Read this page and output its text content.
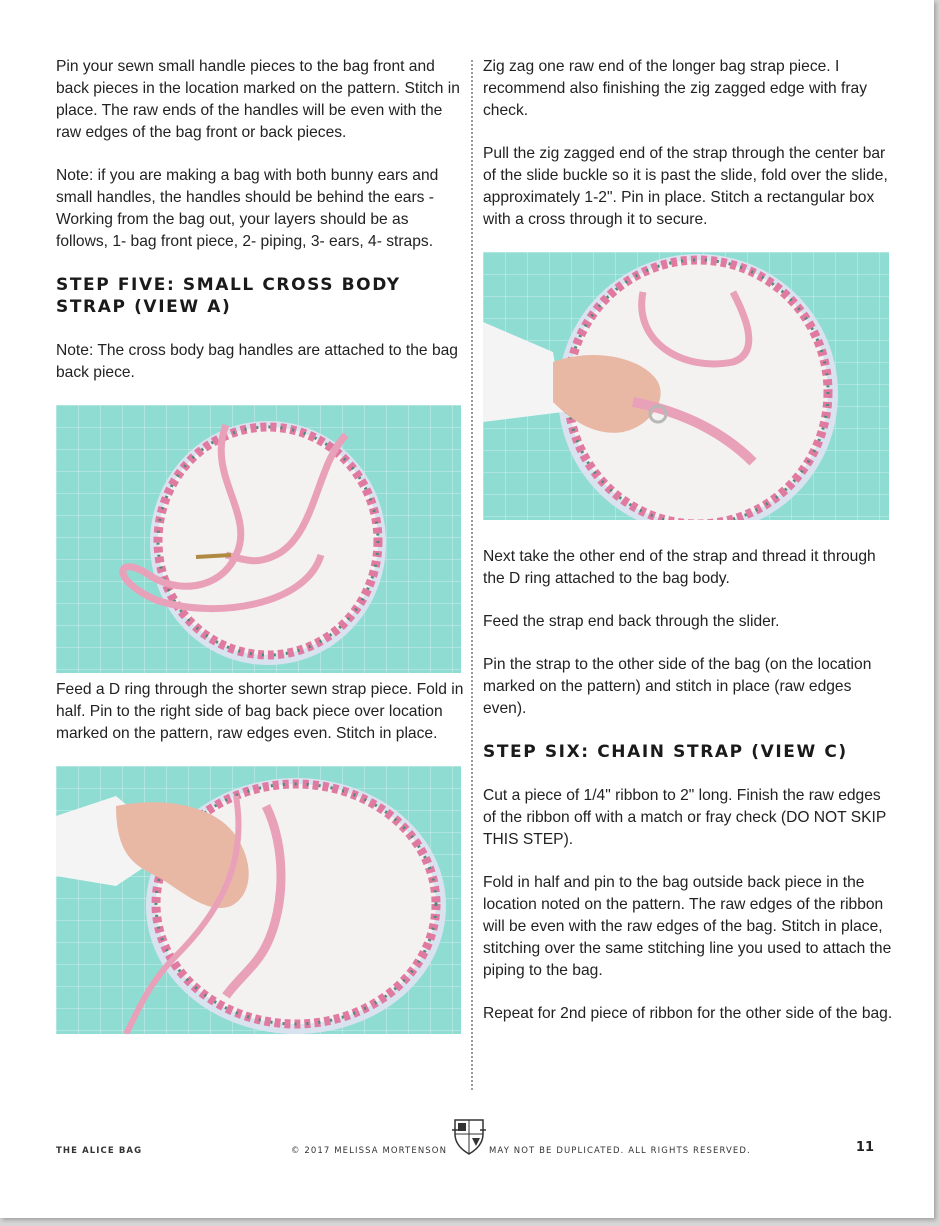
Pin your sewn small handle pieces to the bag front and back pieces in the location marked on the pattern. Stitch in place. The raw ends of the handles will be even with the raw edges of the bag front or back pieces.

Note: if you are making a bag with both bunny ears and small handles, the handles should be behind the ears - Working from the bag out, your layers should be as follows, 1- bag front piece, 2- piping, 3- ears, 4- straps.

STEP FIVE: SMALL CROSS BODY STRAP (VIEW A)

Note: The cross body bag handles are attached to the bag back piece.

Feed a D ring through the shorter sewn strap piece. Fold in half. Pin to the right side of bag back piece over location marked on the pattern, raw edges even. Stitch in place.

Zig zag one raw end of the longer bag strap piece. I recommend also finishing the zig zagged edge with fray check.

Pull the zig zagged end of the strap through the center bar of the slide buckle so it is past the slide, fold over the slide, approximately 1-2". Pin in place. Stitch a rectangular box with a cross through it to secure.

Next take the other end of the strap and thread it through the D ring attached to the bag body.

Feed the strap end back through the slider.

Pin the strap to the other side of the bag (on the location marked on the pattern) and stitch in place (raw edges even).

STEP SIX: CHAIN STRAP (VIEW C)

Cut a piece of 1/4" ribbon to 2" long. Finish the raw edges of the ribbon off with a match or fray check (DO NOT SKIP THIS STEP).

Fold in half and pin to the bag outside back piece in the location noted on the pattern. The raw edges of the ribbon will be even with the raw edges of the bag. Stitch in place, stitching over the same stitching line you used to attach the piping to the bag.

Repeat for 2nd piece of ribbon for the other side of the bag.

THE ALICE BAG	© 2017 MELISSA MORTENSON	MAY NOT BE DUPLICATED. ALL RIGHTS RESERVED.	11
